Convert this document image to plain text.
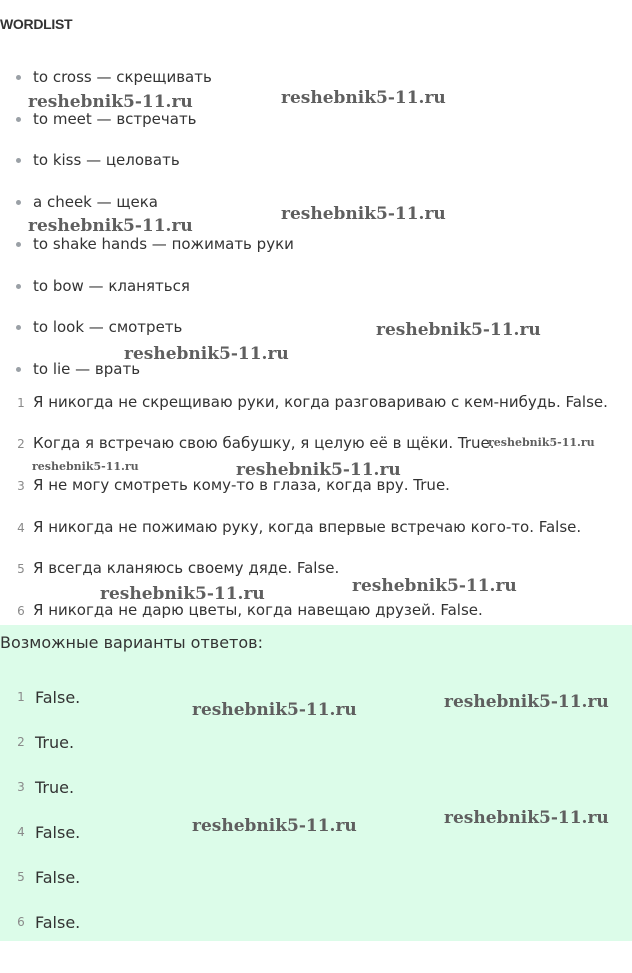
WORDLIST
to cross — скрещивать
to meet — встречать
to kiss — целовать
a cheek — щека
to shake hands — пожимать руки
to bow — кланяться
to look — смотреть
to lie — врать
1 Я никогда не скрещиваю руки, когда разговариваю с кем-нибудь. False.
2 Когда я встречаю свою бабушку, я целую её в щёки. True.
3 Я не могу смотреть кому-то в глаза, когда вру. True.
4 Я никогда не пожимаю руку, когда впервые встречаю кого-то. False.
5 Я всегда кланяюсь своему дяде. False.
6 Я никогда не дарю цветы, когда навещаю друзей. False.
Возможные варианты ответов:
1 False.
2 True.
3 True.
4 False.
5 False.
6 False.
reshebnik5-11.ru	reshebnik5-11.ru
reshebnik5-11.ru
reshebnik5-11.ru
reshebnik5-11.ru
reshebnik5-11.ru
reshebnik5-11.ru
reshebnik5-11.ru	reshebnik5-11.ru
reshebnik5-11.ru
reshebnik5-11.ru
reshebnik5-11.ru	reshebnik5-11.ru
reshebnik5-11.ru	reshebnik5-11.ru
